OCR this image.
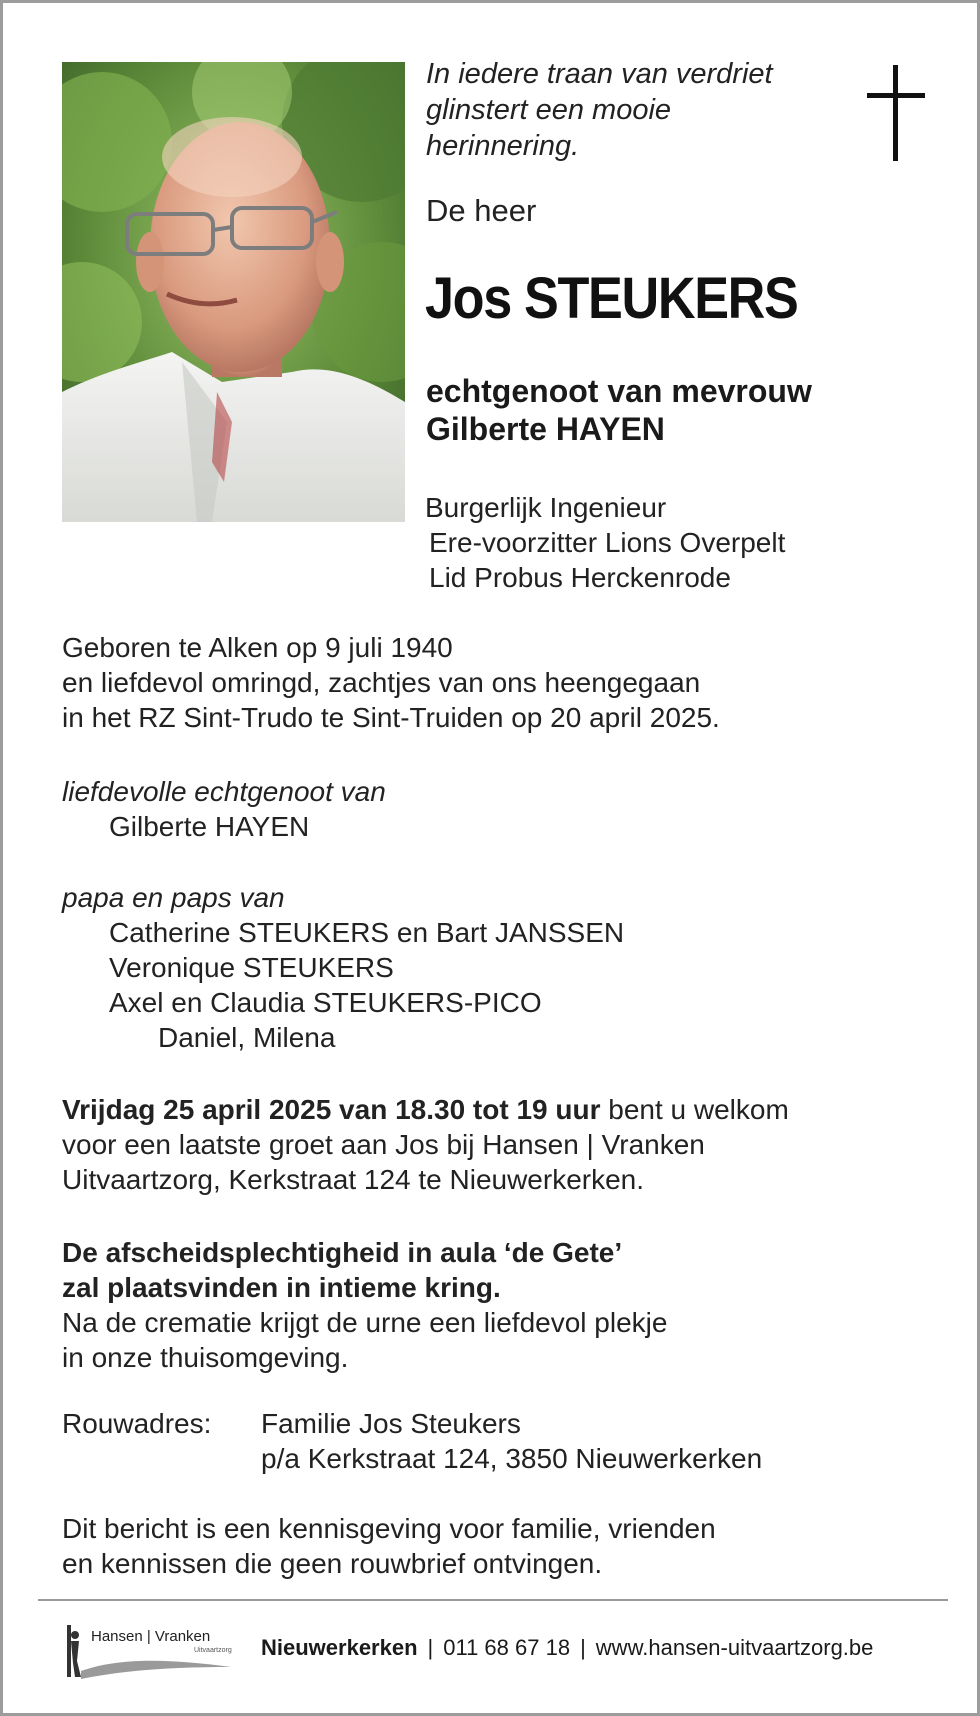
In iedere traan van verdriet
glinstert een mooie
herinnering.
De heer
Jos STEUKERS
echtgenoot van mevrouw
Gilberte HAYEN
Burgerlijk Ingenieur
Ere-voorzitter Lions Overpelt
Lid Probus Herckenrode
Geboren te Alken op 9 juli 1940
en liefdevol omringd, zachtjes van ons heengegaan
in het RZ Sint-Trudo te Sint-Truiden op 20 april 2025.
liefdevolle echtgenoot van
Gilberte HAYEN
papa en paps van
Catherine STEUKERS en Bart JANSSEN
Veronique STEUKERS
Axel en Claudia STEUKERS-PICO
Daniel, Milena
Vrijdag 25 april 2025 van 18.30 tot 19 uur bent u welkom
voor een laatste groet aan Jos bij Hansen | Vranken
Uitvaartzorg, Kerkstraat 124 te Nieuwerkerken.
De afscheidsplechtigheid in aula ‘de Gete’
zal plaatsvinden in intieme kring.
Na de crematie krijgt de urne een liefdevol plekje
in onze thuisomgeving.
Rouwadres: Familie Jos Steukers
p/a Kerkstraat 124, 3850 Nieuwerkerken
Dit bericht is een kennisgeving voor familie, vrienden
en kennissen die geen rouwbrief ontvingen.
Hansen | Vranken
Uitvaartzorg Nieuwerkerken | 011 68 67 18 | www.hansen-uitvaartzorg.be
